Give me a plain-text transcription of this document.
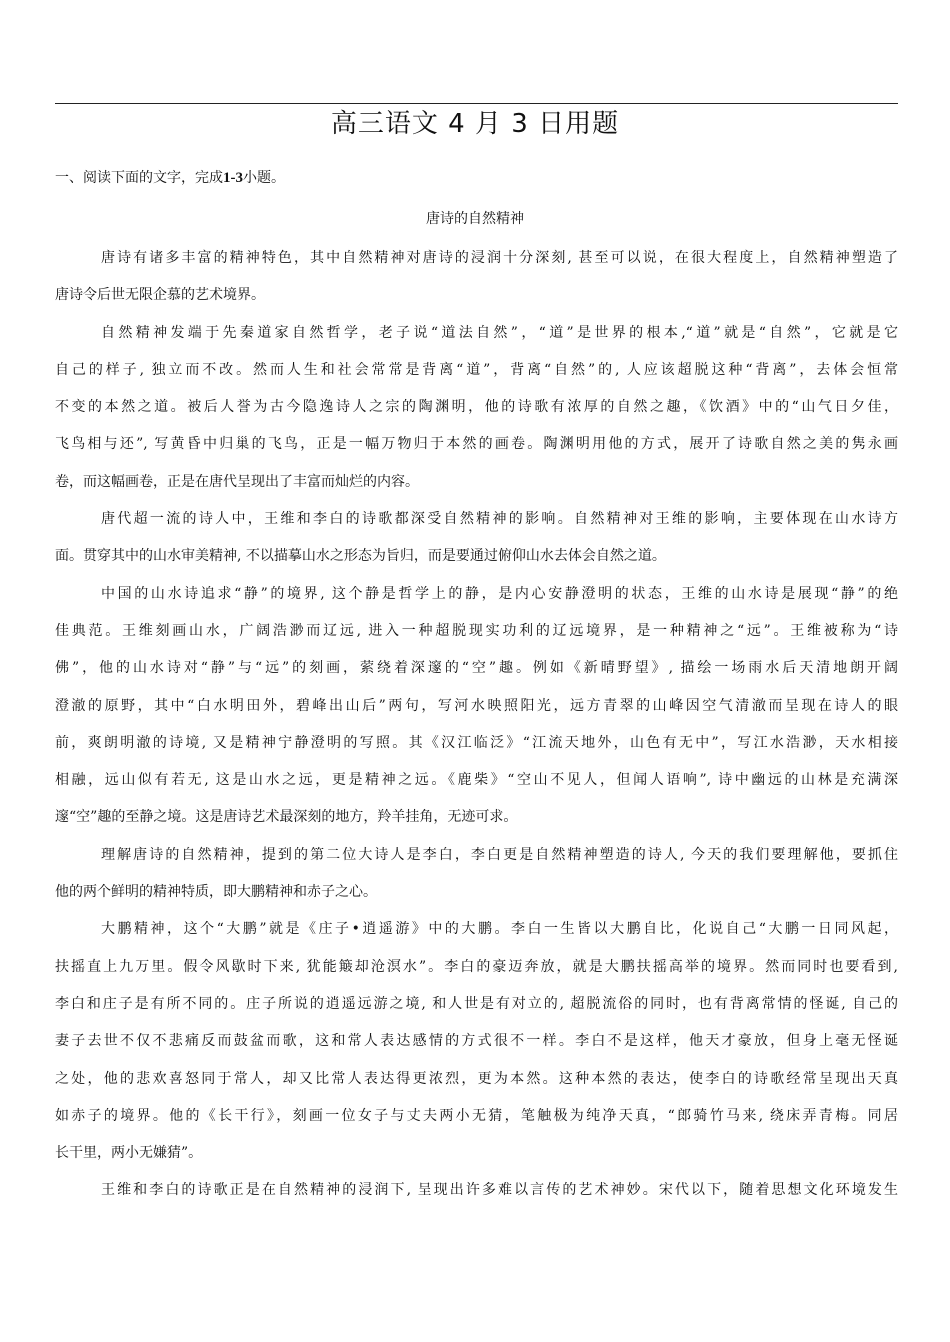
高三语文 4 月 3 日用题
一、阅读下面的文字，完成1-3小题。
唐诗的自然精神
唐诗有诸多丰富的精神特色，其中自然精神对唐诗的浸润十分深刻, 甚至可以说，在很大程度上，自然精神塑造了
唐诗令后世无限企慕的艺术境界。
自然精神发端于先秦道家自然哲学，老子说“道法自然”，“道”是世界的根本,“道”就是“自然”，它就是它
自己的样子, 独立而不改。然而人生和社会常常是背离“道”，背离“自然”的, 人应该超脱这种“背离”，去体会恒常
不变的本然之道。被后人誉为古今隐逸诗人之宗的陶渊明，他的诗歌有浓厚的自然之趣，《饮酒》中的“山气日夕佳，
飞鸟相与还”, 写黄昏中归巢的飞鸟，正是一幅万物归于本然的画卷。陶渊明用他的方式，展开了诗歌自然之美的隽永画
卷，而这幅画卷，正是在唐代呈现出了丰富而灿烂的内容。
唐代超一流的诗人中，王维和李白的诗歌都深受自然精神的影响。自然精神对王维的影响，主要体现在山水诗方
面。贯穿其中的山水审美精神, 不以描摹山水之形态为旨归，而是要通过俯仰山水去体会自然之道。
中国的山水诗追求“静”的境界, 这个静是哲学上的静，是内心安静澄明的状态，王维的山水诗是展现“静”的绝
佳典范。王维刻画山水，广阔浩渺而辽远, 进入一种超脱现实功利的辽远境界，是一种精神之“远”。王维被称为“诗
佛”，他的山水诗对“静”与“远”的刻画，萦绕着深邃的“空”趣。例如《新晴野望》, 描绘一场雨水后天清地朗开阔
澄澈的原野，其中“白水明田外，碧峰出山后”两句，写河水映照阳光，远方青翠的山峰因空气清澈而呈现在诗人的眼
前，爽朗明澈的诗境, 又是精神宁静澄明的写照。其《汉江临泛》“江流天地外，山色有无中”，写江水浩渺，天水相接
相融，远山似有若无, 这是山水之远，更是精神之远。《鹿柴》“空山不见人，但闻人语响”, 诗中幽远的山林是充满深
邃“空”趣的至静之境。这是唐诗艺术最深刻的地方，羚羊挂角，无迹可求。
理解唐诗的自然精神，提到的第二位大诗人是李白，李白更是自然精神塑造的诗人, 今天的我们要理解他，要抓住
他的两个鲜明的精神特质，即大鹏精神和赤子之心。
大鹏精神，这个“大鹏”就是《庄子•逍遥游》中的大鹏。李白一生皆以大鹏自比，化说自己“大鹏一日同风起，
扶摇直上九万里。假令风歇时下来, 犹能簸却沧溟水”。李白的豪迈奔放，就是大鹏扶摇高举的境界。然而同时也要看到,
李白和庄子是有所不同的。庄子所说的逍遥远游之境, 和人世是有对立的, 超脱流俗的同时，也有背离常情的怪诞, 自己的
妻子去世不仅不悲痛反而鼓盆而歌，这和常人表达感情的方式很不一样。李白不是这样，他天才豪放，但身上毫无怪诞
之处，他的悲欢喜怒同于常人，却又比常人表达得更浓烈，更为本然。这种本然的表达，使李白的诗歌经常呈现出天真
如赤子的境界。他的《长干行》，刻画一位女子与丈夫两小无猜，笔触极为纯净天真，“郎骑竹马来, 绕床弄青梅。同居
长干里，两小无嫌猜”。
王维和李白的诗歌正是在自然精神的浸润下, 呈现出许多难以言传的艺术神妙。宋代以下，随着思想文化环境发生
